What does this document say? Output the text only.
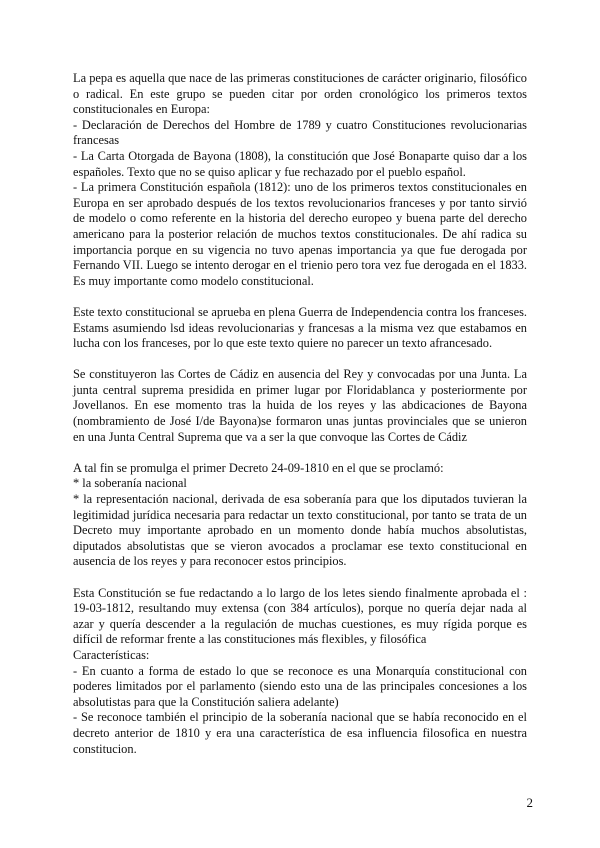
La pepa es aquella que nace de las primeras constituciones de carácter originario, filosófico o radical. En este grupo se pueden citar por orden cronológico los primeros textos constitucionales en Europa:

- Declaración de Derechos del Hombre de 1789 y cuatro Constituciones revolucionarias francesas

- La Carta Otorgada de Bayona (1808), la constitución que José Bonaparte quiso dar a los españoles. Texto que no se quiso aplicar y fue rechazado por el pueblo español.

- La primera Constitución española (1812): uno de los primeros textos constitucionales en Europa en ser aprobado después de los textos revolucionarios franceses y por tanto sirvió de modelo o como referente en la historia del derecho europeo y buena parte del derecho americano para la posterior relación de muchos textos constitucionales. De ahí radica su importancia porque en su vigencia no tuvo apenas importancia ya que fue derogada por Fernando VII. Luego se intento derogar en el trienio pero tora vez fue derogada en el 1833. Es muy importante como modelo constitucional.

Este texto constitucional se aprueba en plena Guerra de Independencia contra los franceses. Estams asumiendo lsd ideas revolucionarias y francesas a la misma vez que estabamos en lucha con los franceses, por lo que este texto quiere no parecer un texto afrancesado.

Se constituyeron las Cortes de Cádiz en ausencia del Rey y convocadas por una Junta. La junta central suprema presidida en primer lugar por Floridablanca y posteriormente por Jovellanos. En ese momento tras la huida de los reyes y las abdicaciones de Bayona (nombramiento de José I/de Bayona)se formaron unas juntas provinciales que se unieron en una Junta Central Suprema que va a ser la que convoque las Cortes de Cádiz

A tal fin se promulga el primer Decreto 24-09-1810 en el que se proclamó:

* la soberanía nacional

* la representación nacional, derivada de esa soberanía para que los diputados tuvieran la legitimidad jurídica necesaria para redactar un texto constitucional, por tanto se trata de un Decreto muy importante aprobado en un momento donde había muchos absolutistas, diputados absolutistas que se vieron avocados a proclamar ese texto constitucional en ausencia de los reyes y para reconocer estos principios.

Esta Constitución se fue redactando a lo largo de los letes siendo finalmente aprobada el : 19-03-1812, resultando muy extensa (con 384 artículos), porque no quería dejar nada al azar y quería descender a la regulación de muchas cuestiones, es muy rígida porque es difícil de reformar frente a las constituciones más flexibles, y filosófica

Características:

- En cuanto a forma de estado lo que se reconoce es una Monarquía constitucional con poderes limitados por el parlamento (siendo esto una de las principales concesiones a los absolutistas para que la Constitución saliera adelante)

- Se reconoce también el principio de la soberanía nacional que se había reconocido en el decreto anterior de 1810 y era una característica de esa influencia filosofica en nuestra constitucion.

2
